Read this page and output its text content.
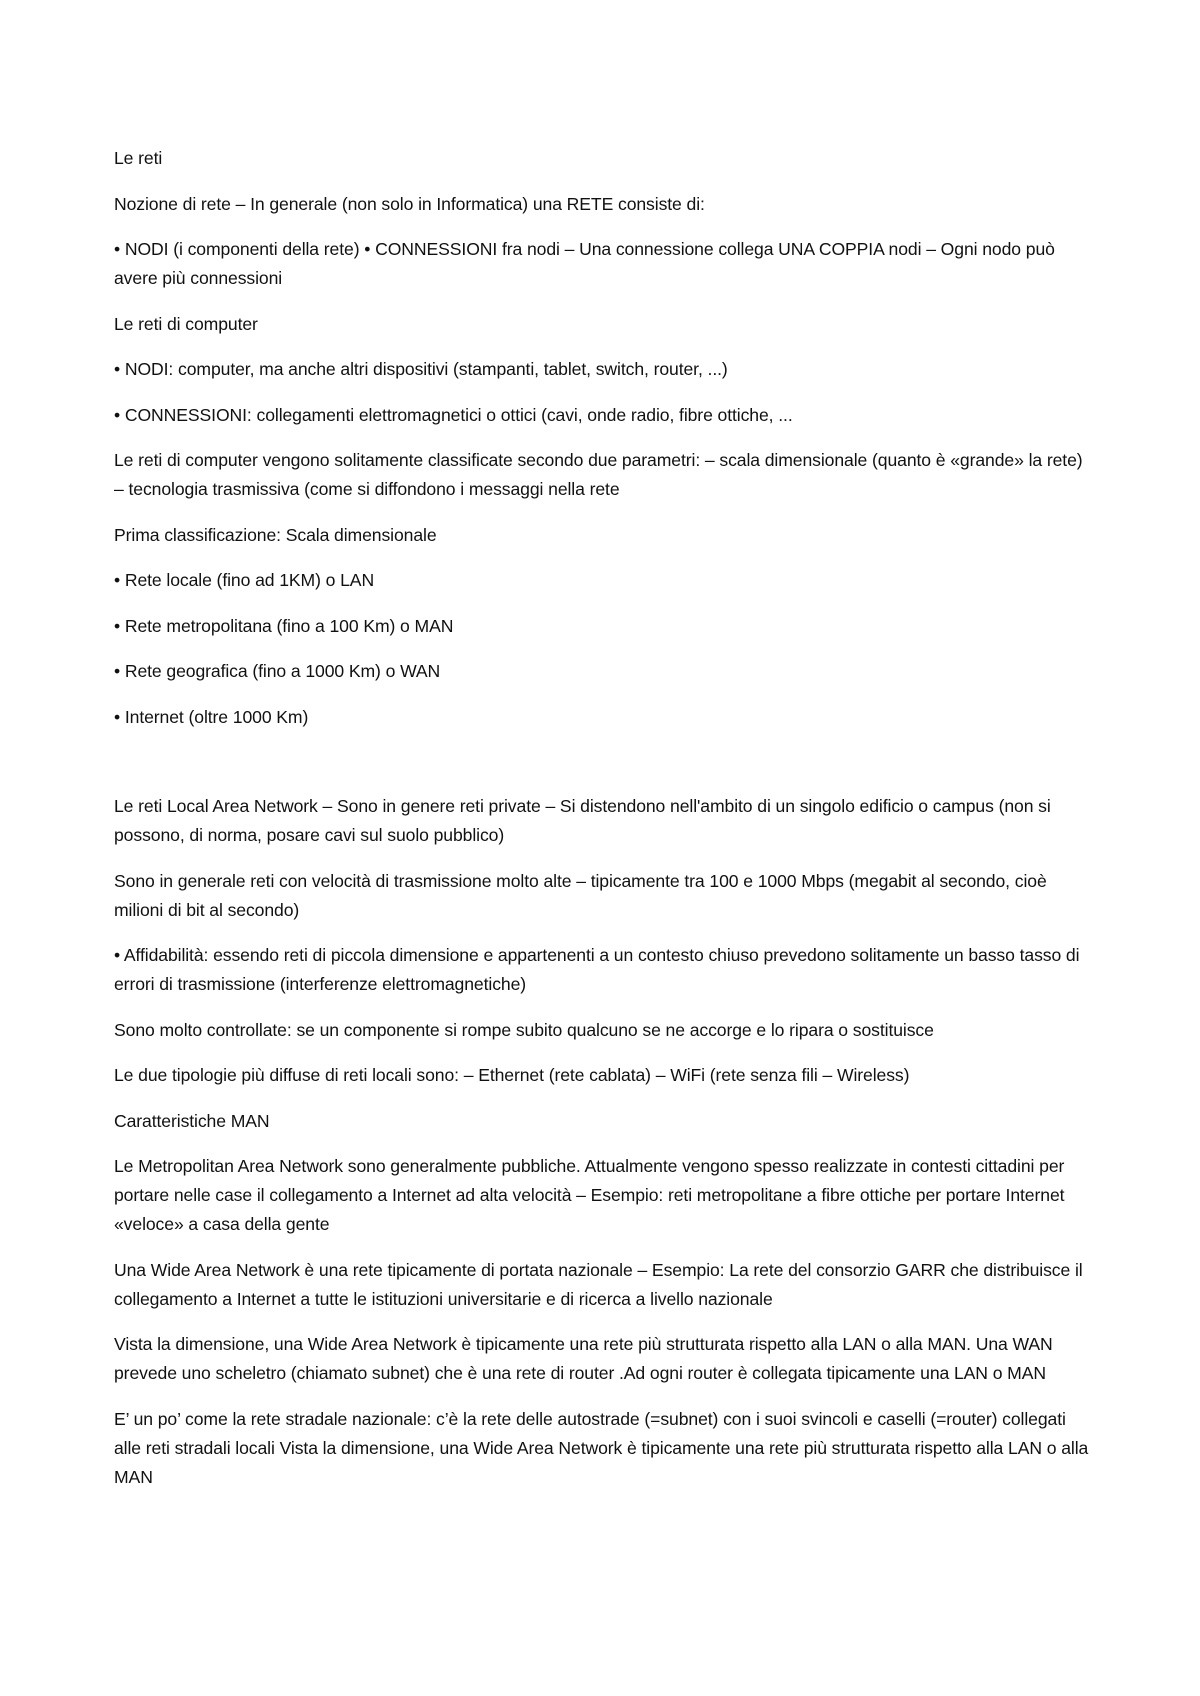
Le reti

Nozione di rete – In generale (non solo in Informatica) una RETE consiste di:

• NODI (i componenti della rete) • CONNESSIONI fra nodi – Una connessione collega UNA COPPIA nodi – Ogni nodo può avere più connessioni

Le reti di computer

• NODI: computer, ma anche altri dispositivi (stampanti, tablet, switch, router, ...)

• CONNESSIONI: collegamenti elettromagnetici o ottici (cavi, onde radio, fibre ottiche, ...

Le reti di computer vengono solitamente classificate secondo due parametri: – scala dimensionale (quanto è «grande» la rete) – tecnologia trasmissiva (come si diffondono i messaggi nella rete

Prima classificazione: Scala dimensionale

• Rete locale (fino ad 1KM) o LAN

• Rete metropolitana (fino a 100 Km) o MAN

• Rete geografica (fino a 1000 Km) o WAN

• Internet (oltre 1000 Km)

Le reti Local Area Network – Sono in genere reti private – Si distendono nell'ambito di un singolo edificio o campus (non si possono, di norma, posare cavi sul suolo pubblico)

Sono in generale reti con velocità di trasmissione molto alte – tipicamente tra 100 e 1000 Mbps (megabit al secondo, cioè milioni di bit al secondo)

• Affidabilità: essendo reti di piccola dimensione e appartenenti a un contesto chiuso prevedono solitamente un basso tasso di errori di trasmissione (interferenze elettromagnetiche)

Sono molto controllate: se un componente si rompe subito qualcuno se ne accorge e lo ripara o sostituisce

Le due tipologie più diffuse di reti locali sono: – Ethernet (rete cablata) – WiFi (rete senza fili – Wireless)

Caratteristiche MAN

Le Metropolitan Area Network sono generalmente pubbliche. Attualmente vengono spesso realizzate in contesti cittadini per portare nelle case il collegamento a Internet ad alta velocità – Esempio: reti metropolitane a fibre ottiche per portare Internet «veloce» a casa della gente

Una Wide Area Network è una rete tipicamente di portata nazionale – Esempio: La rete del consorzio GARR che distribuisce il collegamento a Internet a tutte le istituzioni universitarie e di ricerca a livello nazionale

Vista la dimensione, una Wide Area Network è tipicamente una rete più strutturata rispetto alla LAN o alla MAN. Una WAN prevede uno scheletro (chiamato subnet) che è una rete di router .Ad ogni router è collegata tipicamente una LAN o MAN

E’ un po’ come la rete stradale nazionale: c’è la rete delle autostrade (=subnet) con i suoi svincoli e caselli (=router) collegati alle reti stradali locali Vista la dimensione, una Wide Area Network è tipicamente una rete più strutturata rispetto alla LAN o alla MAN
